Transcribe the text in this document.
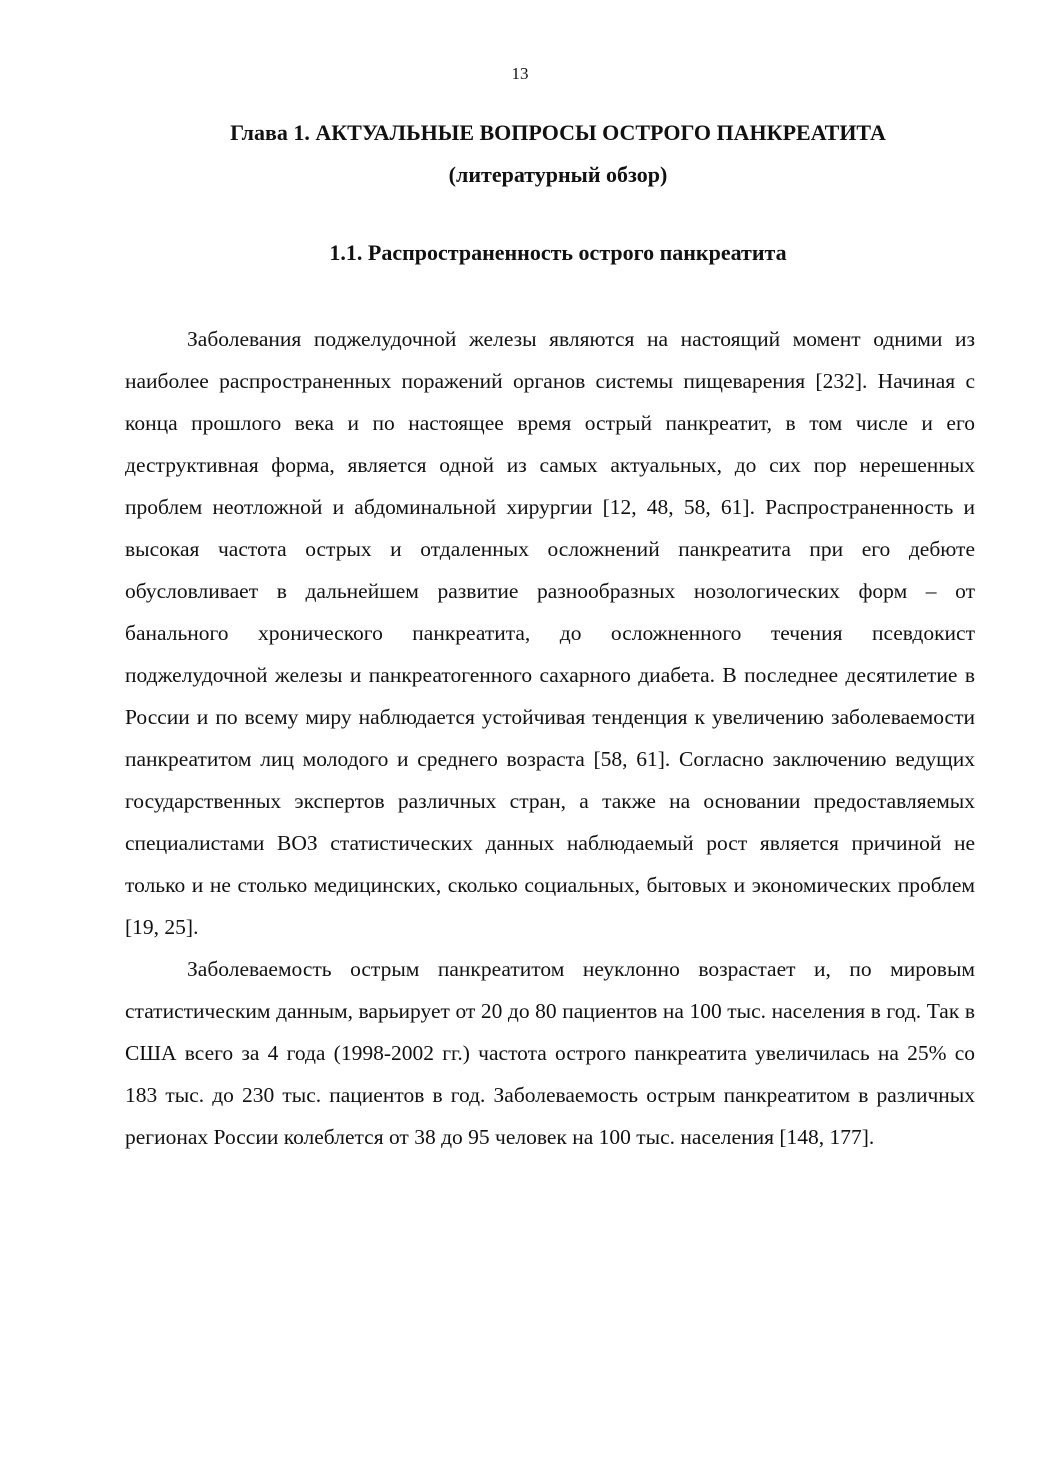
13
Глава 1. АКТУАЛЬНЫЕ ВОПРОСЫ ОСТРОГО ПАНКРЕАТИТА
(литературный обзор)
1.1. Распространенность острого панкреатита

Заболевания поджелудочной железы являются на настоящий момент одними из наиболее распространенных поражений органов системы пищеварения [232]. Начиная с конца прошлого века и по настоящее время острый панкреатит, в том числе и его деструктивная форма, является одной из самых актуальных, до сих пор нерешенных проблем неотложной и абдоминальной хирургии [12, 48, 58, 61]. Распространенность и высокая частота острых и отдаленных осложнений панкреатита при его дебюте обусловливает в дальнейшем развитие разнообразных нозологических форм – от банального хронического панкреатита, до осложненного течения псевдокист поджелудочной железы и панкреатогенного сахарного диабета. В последнее десятилетие в России и по всему миру наблюдается устойчивая тенденция к увеличению заболеваемости панкреатитом лиц молодого и среднего возраста [58, 61]. Согласно заключению ведущих государственных экспертов различных стран, а также на основании предоставляемых специалистами ВОЗ статистических данных наблюдаемый рост является причиной не только и не столько медицинских, сколько социальных, бытовых и экономических проблем [19, 25].

Заболеваемость острым панкреатитом неуклонно возрастает и, по мировым статистическим данным, варьирует от 20 до 80 пациентов на 100 тыс. населения в год. Так в США всего за 4 года (1998-2002 гг.) частота острого панкреатита увеличилась на 25% со 183 тыс. до 230 тыс. пациентов в год. Заболеваемость острым панкреатитом в различных регионах России колеблется от 38 до 95 человек на 100 тыс. населения [148, 177].
